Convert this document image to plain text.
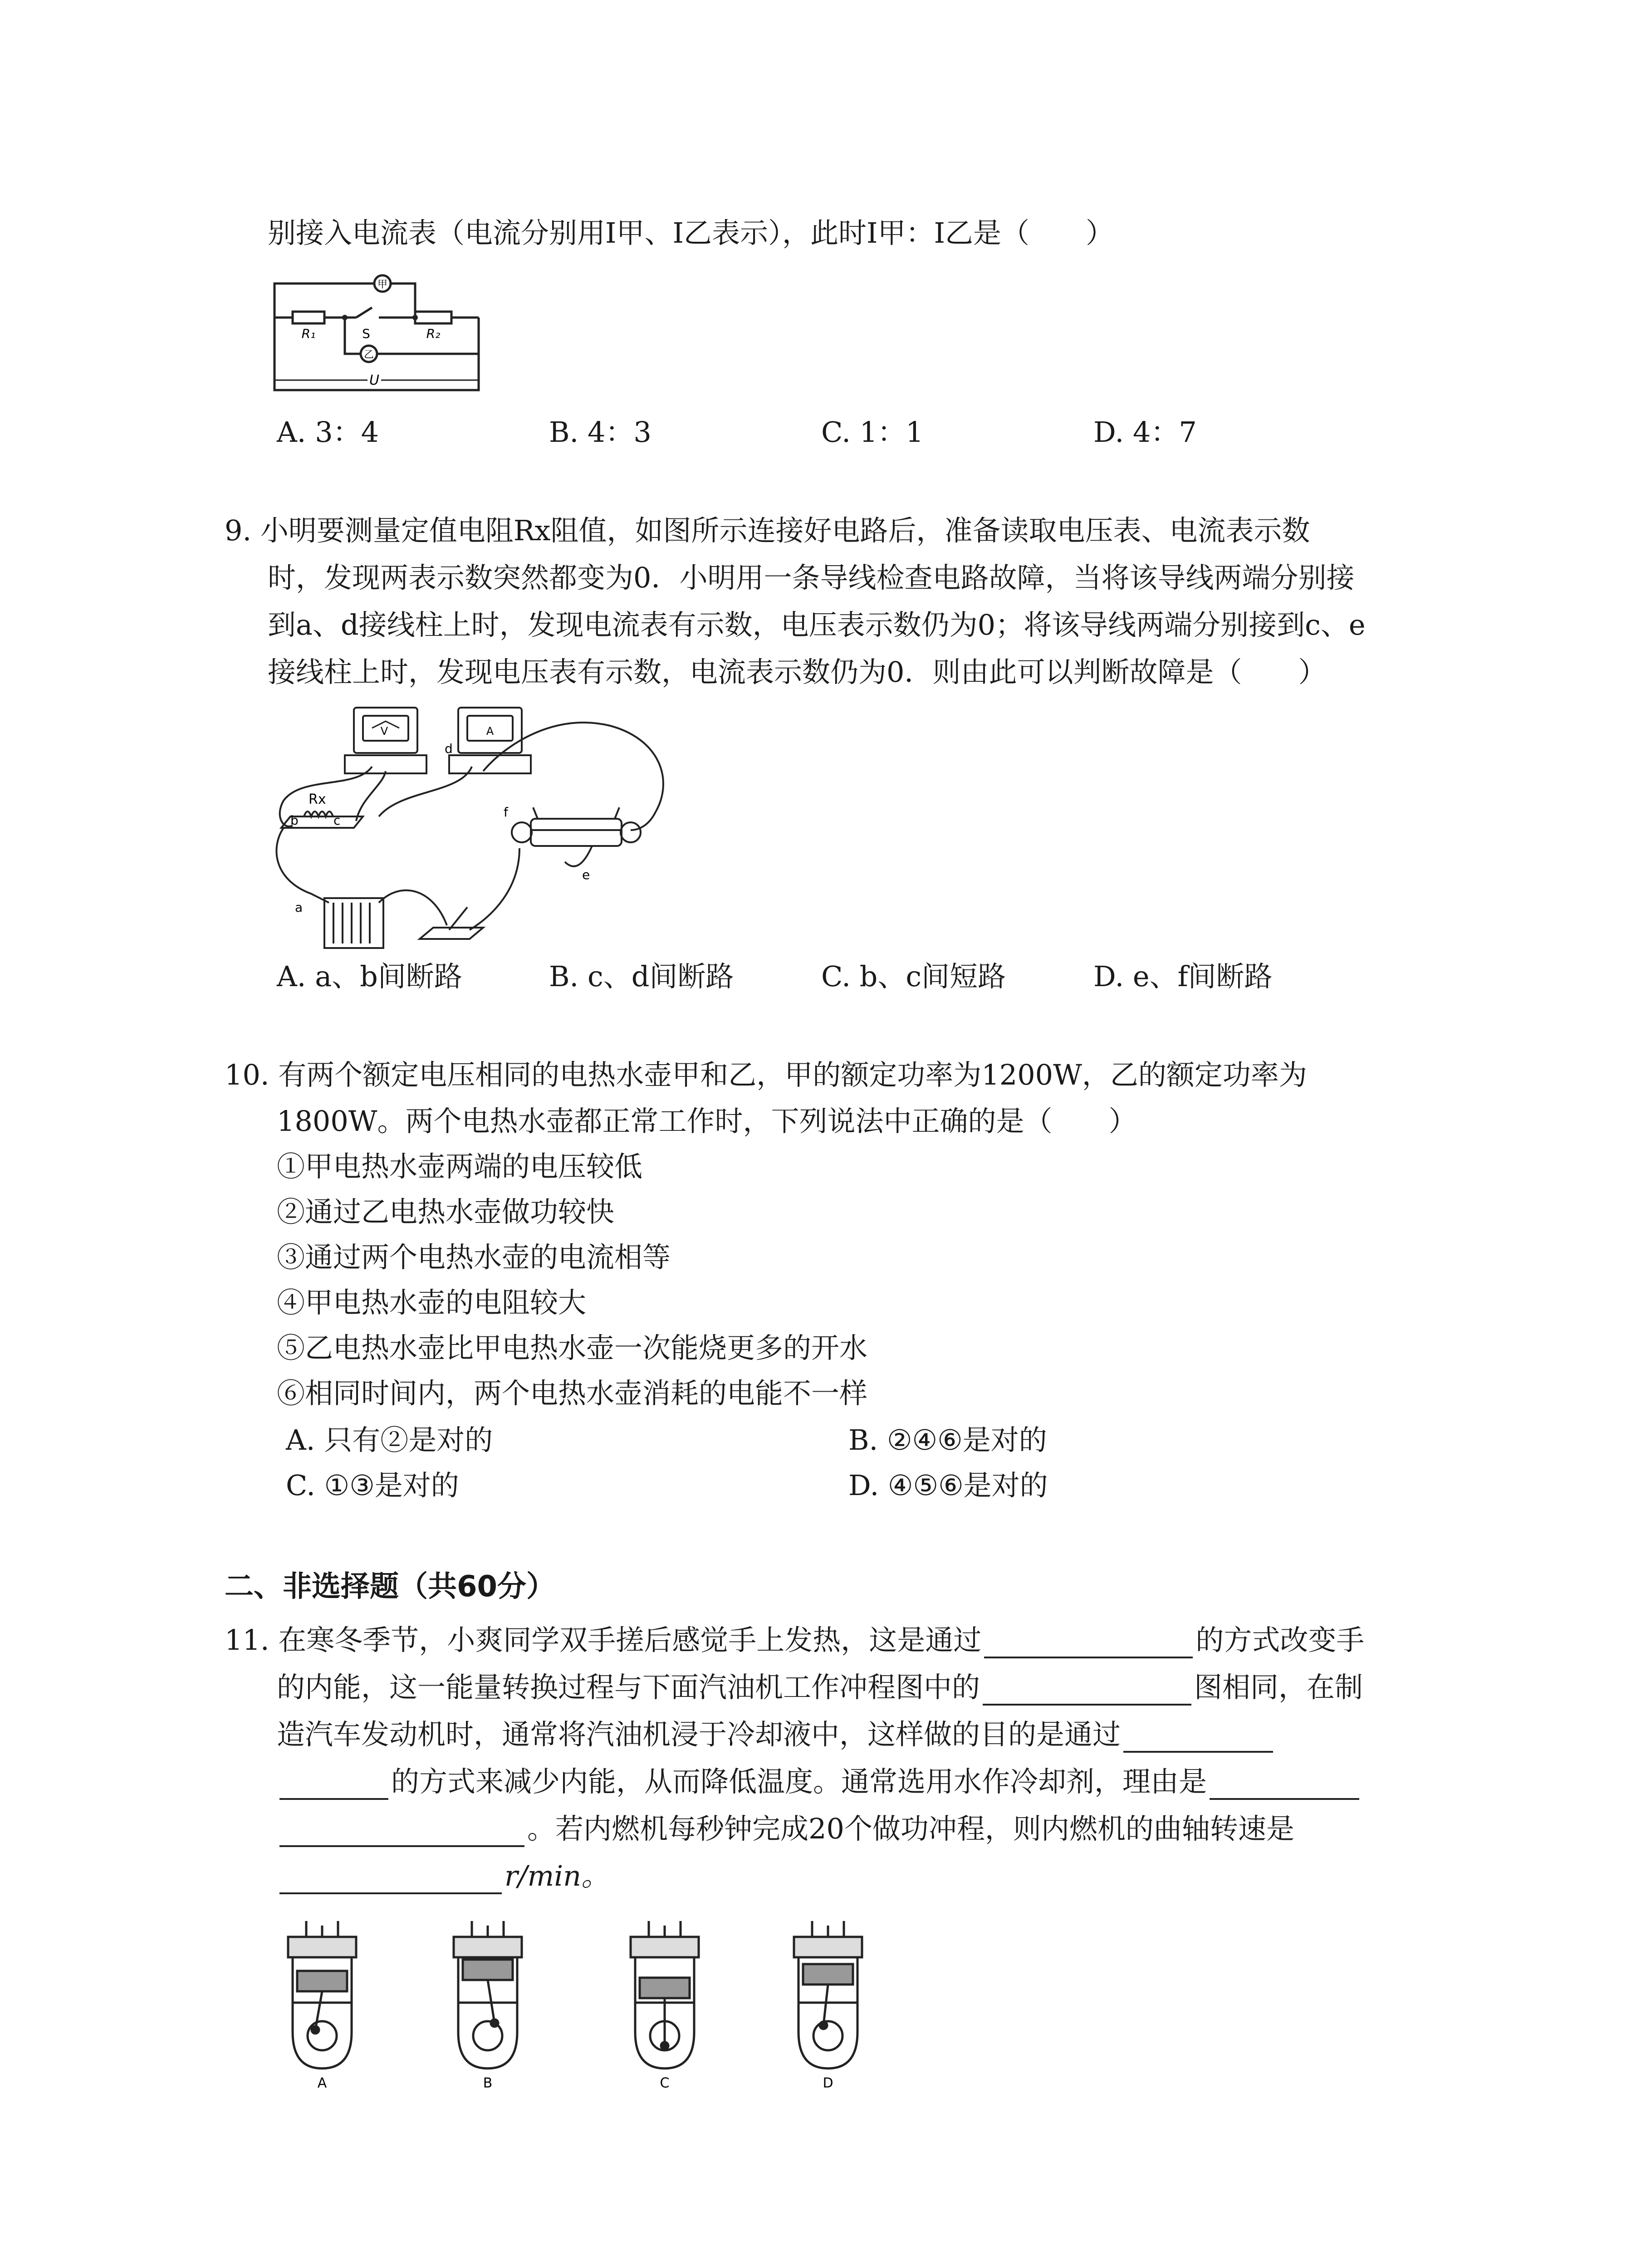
别接入电流表（电流分别用I甲、I乙表示），此时I甲：I乙是（　　）
甲
乙
R₁	R₂
S
U
A. 3：4	B. 4：3	C. 1：1	D. 4：7
9. 小明要测量定值电阻Rx阻值，如图所示连接好电路后，准备读取电压表、电流表示数
时，发现两表示数突然都变为0．小明用一条导线检查电路故障，当将该导线两端分别接
到a、d接线柱上时，发现电流表有示数，电压表示数仍为0；将该导线两端分别接到c、e
接线柱上时，发现电压表有示数，电流表示数仍为0．则由此可以判断故障是（　　）
V	A
Rx
b	c
a
d
e
f
A. a、b间断路	B. c、d间断路	C. b、c间短路	D. e、f间断路
10. 有两个额定电压相同的电热水壶甲和乙，甲的额定功率为1200W，乙的额定功率为
1800W。两个电热水壶都正常工作时，下列说法中正确的是（　　）
①甲电热水壶两端的电压较低
②通过乙电热水壶做功较快
③通过两个电热水壶的电流相等
④甲电热水壶的电阻较大
⑤乙电热水壶比甲电热水壶一次能烧更多的开水
⑥相同时间内，两个电热水壶消耗的电能不一样
A. 只有②是对的	B. ②④⑥是对的
C. ①③是对的	D. ④⑤⑥是对的
二、非选择题（共60分）
11. 在寒冬季节，小爽同学双手搓后感觉手上发热，这是通过	的方式改变手
的内能，这一能量转换过程与下面汽油机工作冲程图中的	图相同，在制
造汽车发动机时，通常将汽油机浸于冷却液中，这样做的目的是通过
的方式来减少内能，从而降低温度。通常选用水作冷却剂，理由是
。若内燃机每秒钟完成20个做功冲程，则内燃机的曲轴转速是
r/min。
A	B	C	D
